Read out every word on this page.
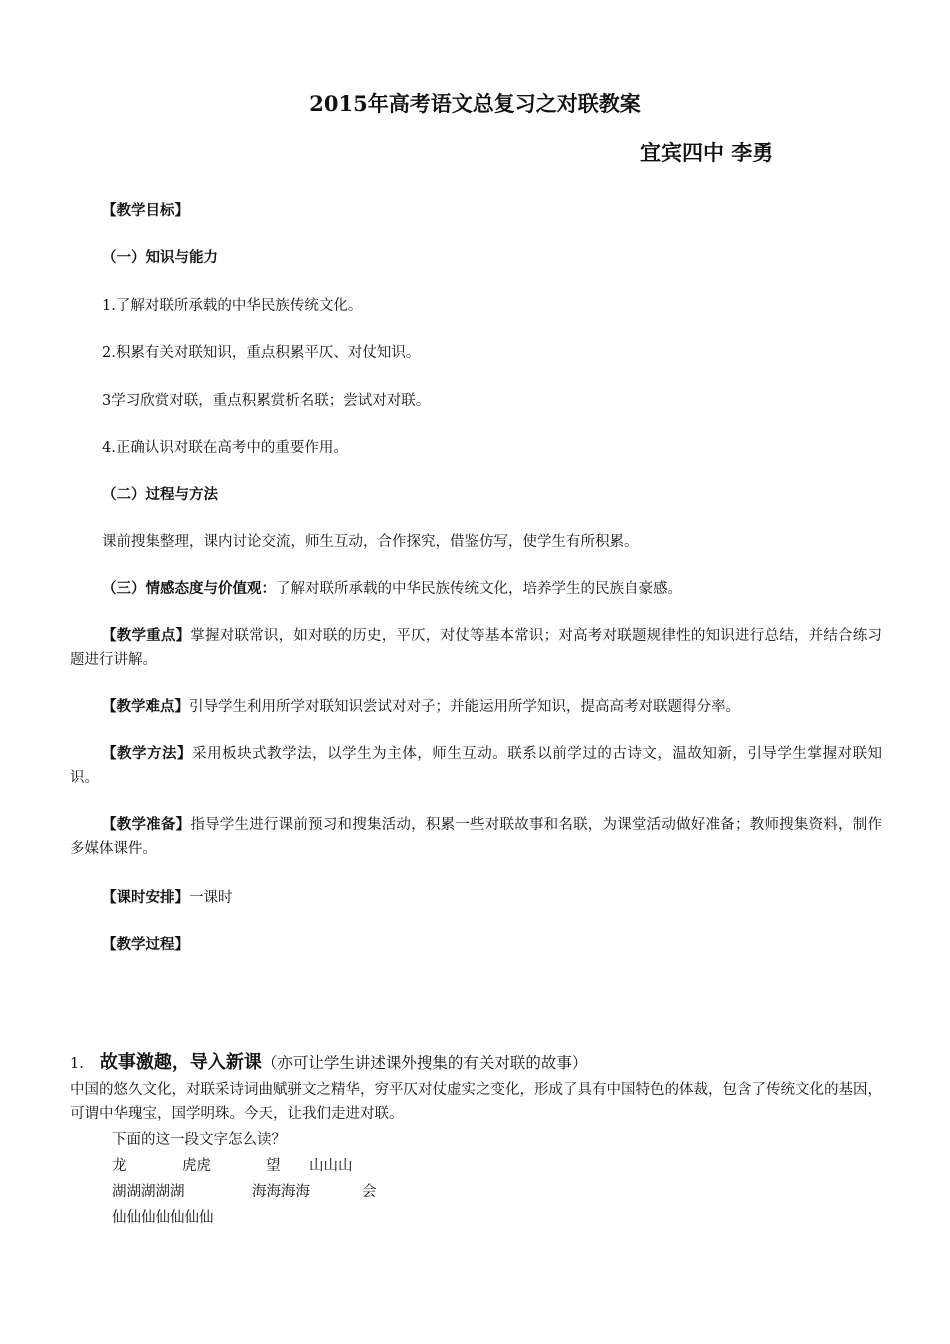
2015年高考语文总复习之对联教案
宜宾四中 李勇
【教学目标】
（一）知识与能力
1.了解对联所承载的中华民族传统文化。
2.积累有关对联知识，重点积累平仄、对仗知识。
3学习欣赏对联，重点积累赏析名联；尝试对对联。
4.正确认识对联在高考中的重要作用。
（二）过程与方法
课前搜集整理，课内讨论交流，师生互动，合作探究，借鉴仿写，使学生有所积累。
（三）情感态度与价值观：了解对联所承载的中华民族传统文化，培养学生的民族自豪感。
【教学重点】掌握对联常识，如对联的历史，平仄，对仗等基本常识；对高考对联题规律性的知识进行总结，并结合练习题进行讲解。
【教学难点】引导学生利用所学对联知识尝试对对子；并能运用所学知识，提高高考对联题得分率。
【教学方法】采用板块式教学法，以学生为主体，师生互动。联系以前学过的古诗文，温故知新，引导学生掌握对联知识。
【教学准备】指导学生进行课前预习和搜集活动，积累一些对联故事和名联，为课堂活动做好准备；教师搜集资料，制作多媒体课件。
【课时安排】一课时
【教学过程】
1. 故事激趣，导入新课（亦可让学生讲述课外搜集的有关对联的故事）
中国的悠久文化，对联采诗词曲赋骈文之精华，穷平仄对仗虚实之变化，形成了具有中国特色的体裁，包含了传统文化的基因，可谓中华瑰宝，国学明珠。今天，让我们走进对联。
下面的这一段文字怎么读？
龙	虎虎	望 山山山
湖湖湖湖湖	海海海海	会
仙仙仙仙仙仙仙
